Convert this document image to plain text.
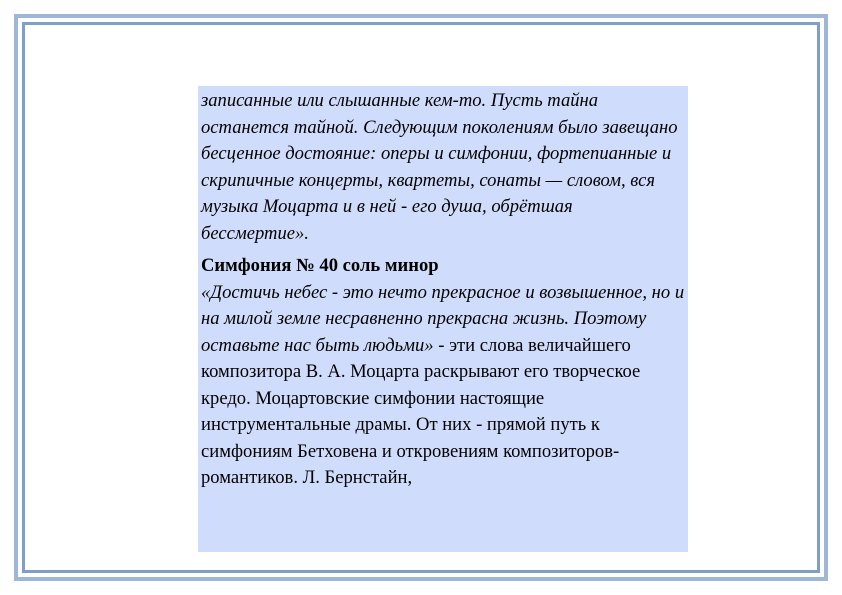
записанные или слышанные кем-то. Пусть тайна останется тайной. Следующим поколениям было завещано бесценное достояние: оперы и симфонии, фортепианные и скрипичные концерты, квартеты, сонаты — словом, вся музыка Моцарта и в ней - его душа, обрётшая бессмертие».

Симфония № 40 соль минор

«Достичь небес - это нечто прекрасное и возвышенное, но и на милой земле несравненно прекрасна жизнь. Поэтому оставьте нас быть людьми» - эти слова величайшего композитора В. А. Моцарта раскрывают его творческое кредо. Моцартовские симфонии настоящие инструментальные драмы. От них - прямой путь к симфониям Бетховена и откровениям композиторов-романтиков. Л. Бернстайн,
